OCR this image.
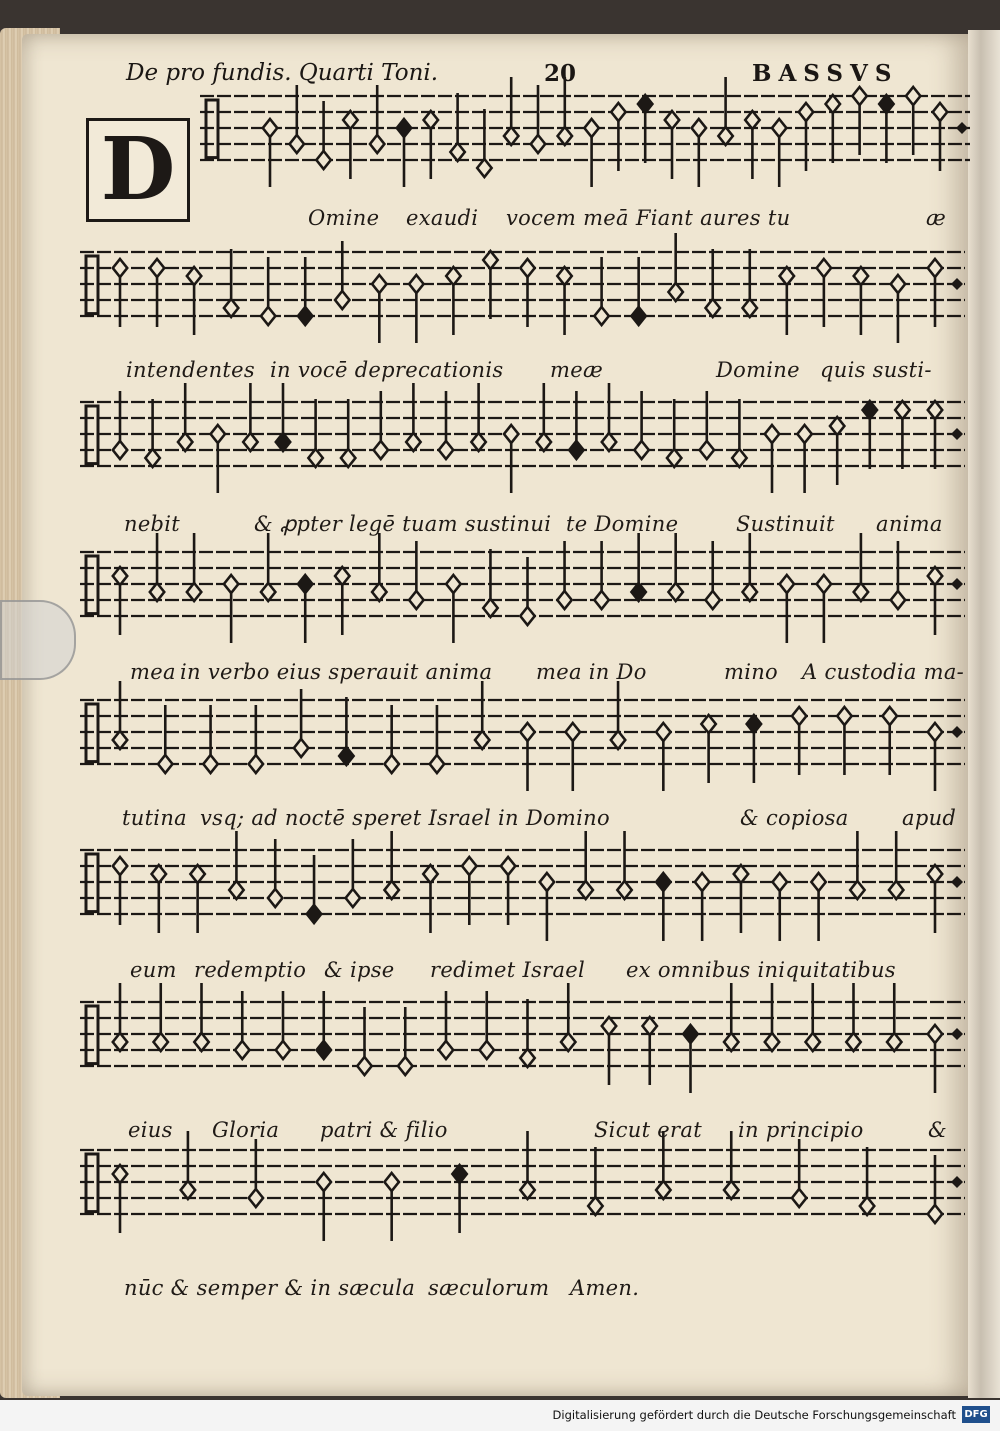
De pro fundis. Quarti Toni.	20	BASSVS
D	Omine exaudi vocem meā Fiant aures tu	æ
intendentes in vocē deprecationis meæ	Domine quis susti-
nebit	& ꝓpter legē tuam sustinui te Domine	Sustinuit anima
mea in verbo eius sperauit anima mea in Do	mino A custodia ma-
tutina vsq; ad noctē speret Israel in Domino	& copiosa	apud
eum redemptio & ipse redimet Israel ex omnibus iniquitatibus
eius Gloria patri & filio	Sicut erat in principio	&
nūc & semper & in sæcula sæculorum Amen.
Digitalisierung gefördert durch die Deutsche Forschungsgemeinschaft DFG
